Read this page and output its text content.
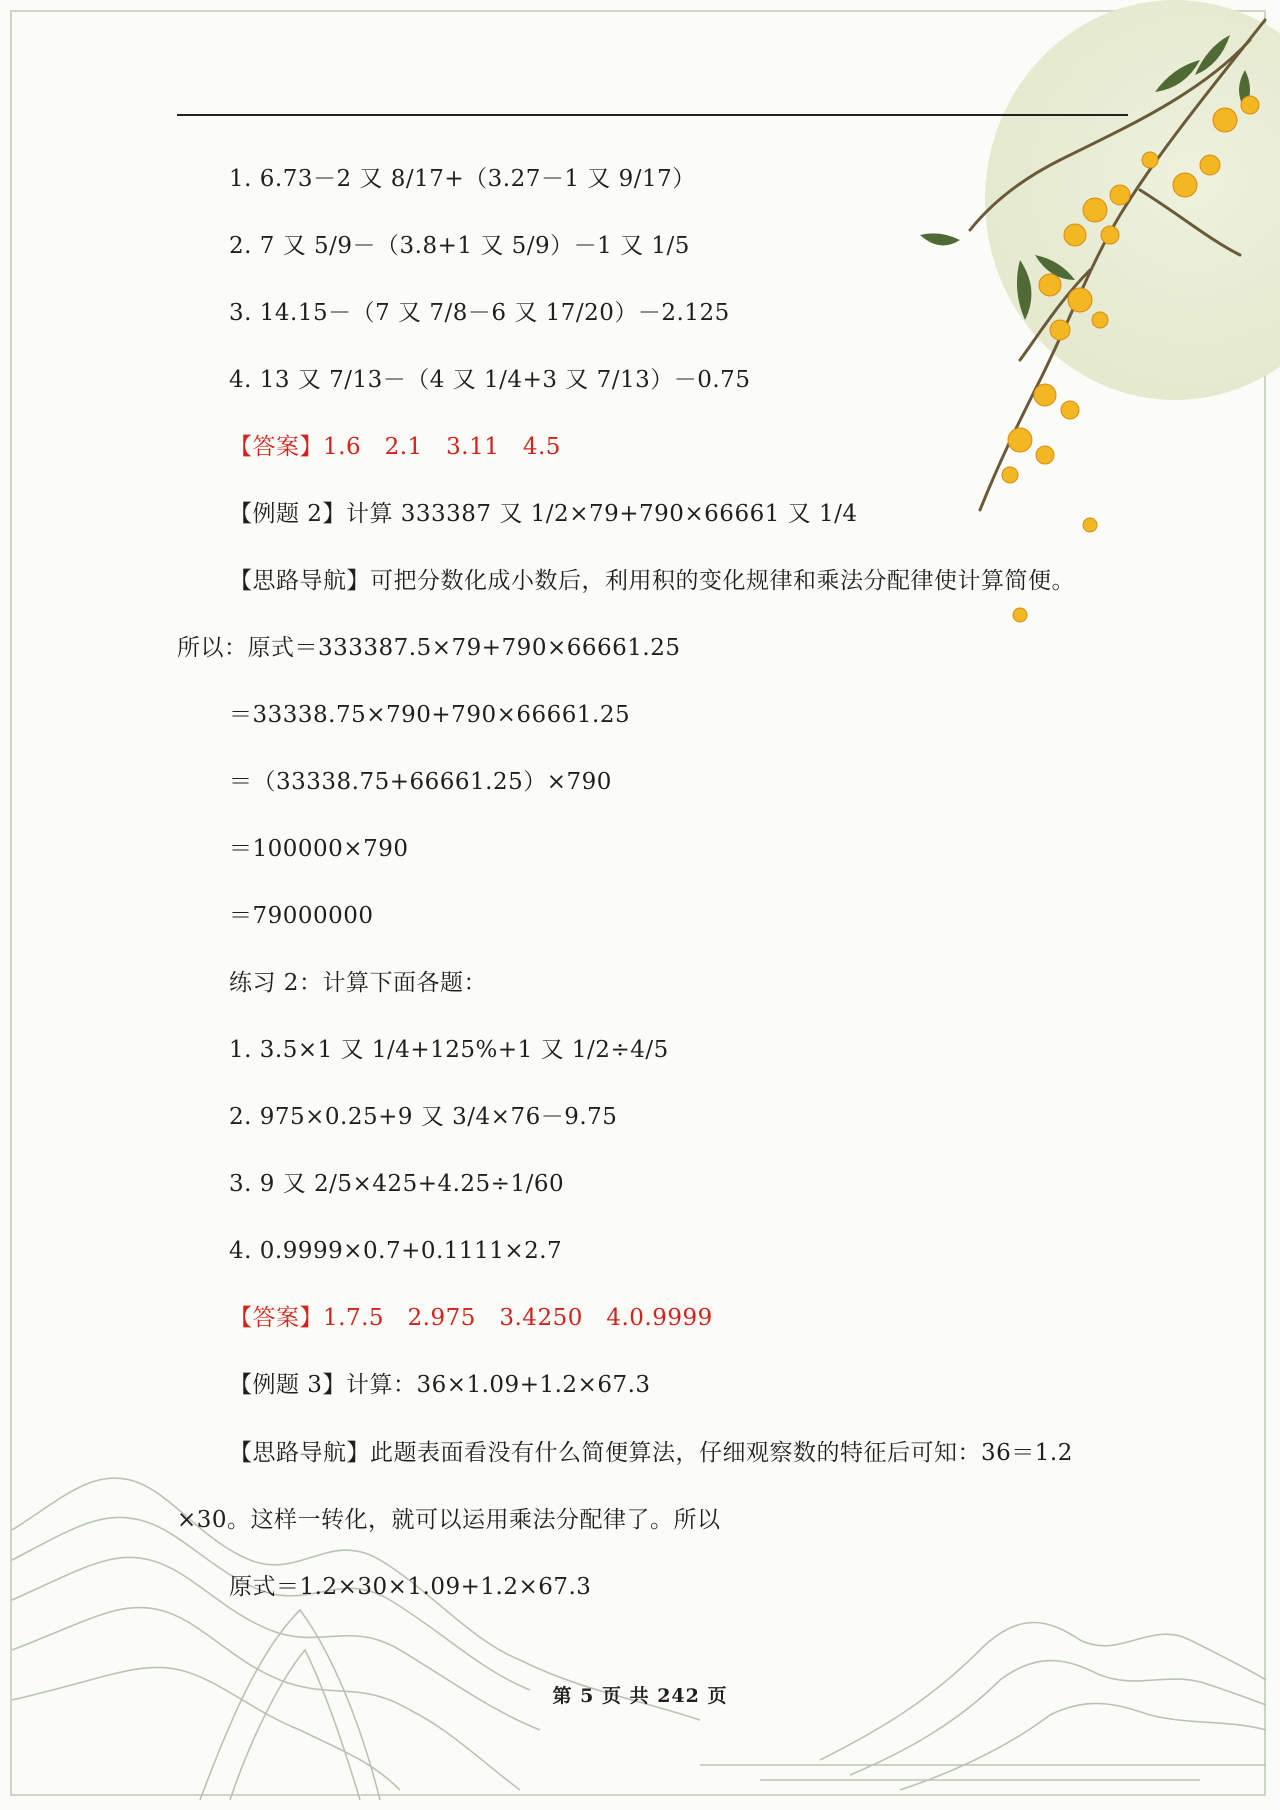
1. 6.73－2 又 8/17+（3.27－1 又 9/17）
2. 7 又 5/9－（3.8+1 又 5/9）－1 又 1/5
3. 14.15－（7 又 7/8－6 又 17/20）－2.125
4. 13 又 7/13－（4 又 1/4+3 又 7/13）－0.75
【答案】1.6　2.1　3.11　4.5
【例题 2】计算 333387 又 1/2×79+790×66661 又 1/4
【思路导航】可把分数化成小数后，利用积的变化规律和乘法分配律使计算简便。
所以：原式＝333387.5×79+790×66661.25
＝33338.75×790+790×66661.25
＝（33338.75+66661.25）×790
＝100000×790
＝79000000
练习 2：计算下面各题：
1. 3.5×1 又 1/4+125%+1 又 1/2÷4/5
2. 975×0.25+9 又 3/4×76－9.75
3. 9 又 2/5×425+4.25÷1/60
4. 0.9999×0.7+0.1111×2.7
【答案】1.7.5　2.975　3.4250　4.0.9999
【例题 3】计算：36×1.09+1.2×67.3
【思路导航】此题表面看没有什么简便算法，仔细观察数的特征后可知：36＝1.2
×30。这样一转化，就可以运用乘法分配律了。所以
原式＝1.2×30×1.09+1.2×67.3
第 5 页 共 242 页
